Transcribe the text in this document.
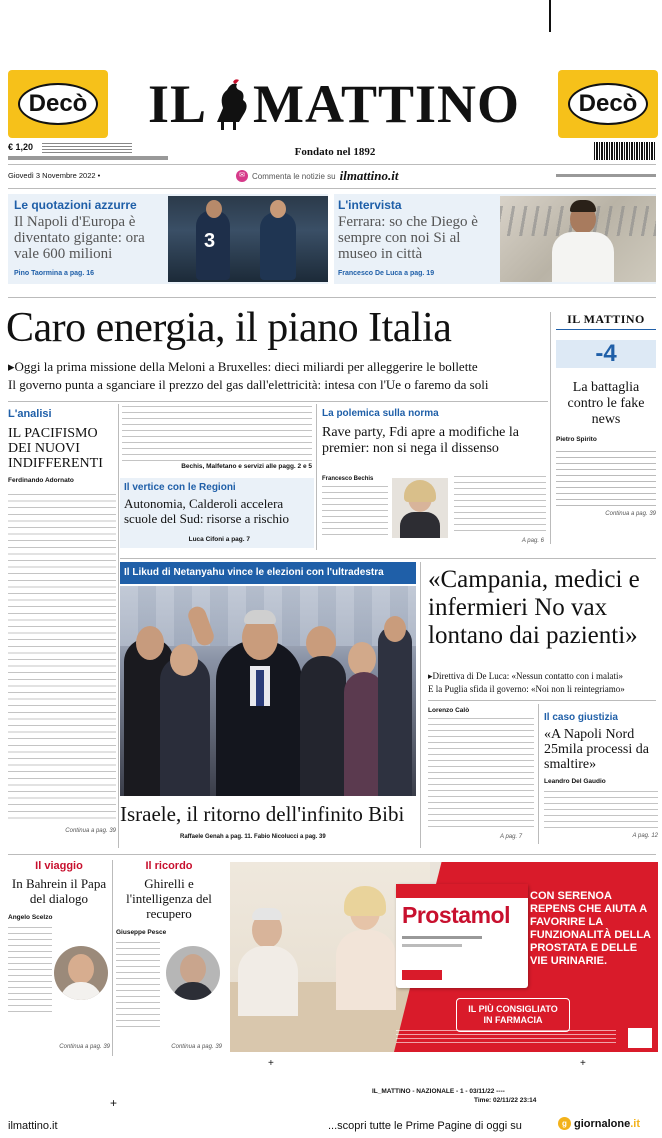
Decò	Decò
IL MATTINO
€ 1,20	Fondato nel 1892
Giovedì 3 Novembre 2022 •	✉ Commenta le notizie su ilmattino.it
Le quotazioni azzurre
Il Napoli d'Europa è diventato gigante: ora vale 600 milioni
Pino Taormina a pag. 16
3
L'intervista
Ferrara: so che Diego è sempre con noi Si al museo in città
Francesco De Luca a pag. 19
Caro energia, il piano Italia
▸Oggi la prima missione della Meloni a Bruxelles: dieci miliardi per alleggerire le bollette
Il governo punta a sganciare il prezzo del gas dall'elettricità: intesa con l'Ue o faremo da soli
IL MATTINO
-4
La battaglia contro le fake news
Pietro Spirito
Continua a pag. 39
L'analisi
IL PACIFISMO DEI NUOVI INDIFFERENTI
Ferdinando Adornato
Continua a pag. 39
Bechis, Malfetano e servizi alle pagg. 2 e 5
Il vertice con le Regioni
Autonomia, Calderoli accelera scuole del Sud: risorse a rischio
Luca Cifoni a pag. 7
La polemica sulla norma
Rave party, Fdi apre a modifiche la premier: non si nega il dissenso
Francesco Bechis
A pag. 6
Il Likud di Netanyahu vince le elezioni con l'ultradestra
Israele, il ritorno dell'infinito Bibi
Raffaele Genah a pag. 11. Fabio Nicolucci a pag. 39
«Campania, medici e infermieri No vax lontano dai pazienti»
▸Direttiva di De Luca: «Nessun contatto con i malati»
E la Puglia sfida il governo: «Noi non li reintegriamo»
Lorenzo Calò
A pag. 7
Il caso giustizia
«A Napoli Nord 25mila processi da smaltire»
Leandro Del Gaudio
A pag. 12
Il viaggio
In Bahrein il Papa del dialogo
Angelo Scelzo
Continua a pag. 39
Il ricordo
Ghirelli e l'intelligenza del recupero
Giuseppe Pesce
Continua a pag. 39
Prostamol
CON SERENOA REPENS CHE AIUTA A FAVORIRE LA FUNZIONALITÀ DELLA PROSTATA E DELLE VIE URINARIE.
IL PIÙ CONSIGLIATO IN FARMACIA
+	+
IL_MATTINO - NAZIONALE - 1 - 03/11/22 ----
Time: 02/11/22 23:14
+
ilmattino.it	...scopri tutte le Prime Pagine di oggi su	g giornalone .it
